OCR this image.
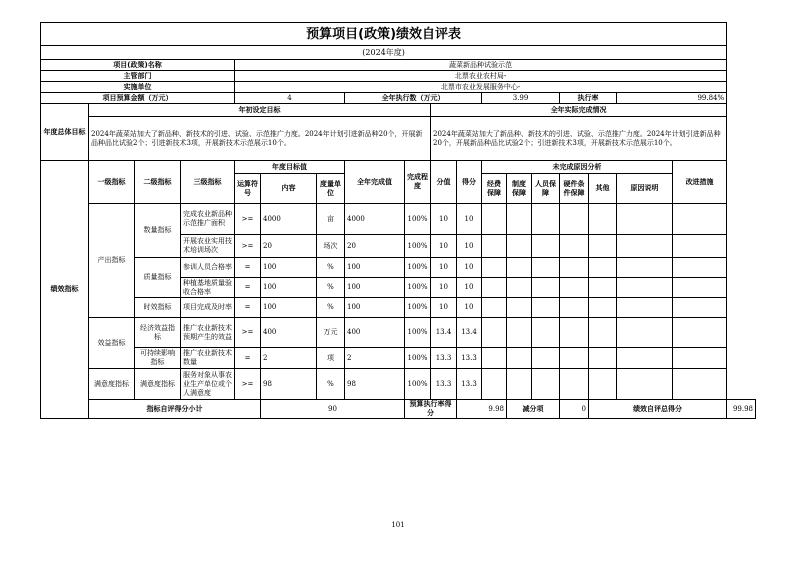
预算项目(政策)绩效自评表																		
(2024年度)																		
项目(政策)名称				蔬菜新品种试验示范														
主管部门				北票农业农村局-														
实施单位				北票市农业发展服务中心-														
项目预算金额（万元）				4			全年执行数（万元）				3.99			执行率		99.84%		
年度总体目标	年初设定目标								全年实际完成情况									
	2024年蔬菜站加大了新品种、新技术的引进、试验、示范推广力度。2024年计划引进新品种20个，开展新品种品比试验2个；引进新技术3项，开展新技术示范展示10个。								2024年蔬菜站加大了新品种、新技术的引进、试验、示范推广力度。2024年计划引进新品种20个，开展新品种品比试验2个；引进新技术3项，开展新技术示范展示10个。									
绩效指标	一级指标	二级指标	三级指标	年度目标值			全年完成值	完成程度	分值	得分	未完成原因分析						改进措施	
				运算符号	内容	度量单位					经费保障	制度保障	人员保障	硬件条件保障	其他	原因说明		
	产出指标	数量指标	完成农业新品种示范推广面积	>=	4000	亩	4000	100%	10	10								
			开展农业实用技术培训场次	>=	20	场次	20	100%	10	10								
		质量指标	参训人员合格率	=	100	%	100	100%	10	10								
			种植基地质量验收合格率	=	100	%	100	100%	10	10								
		时效指标	项目完成及时率	=	100	%	100	100%	10	10								
	效益指标	经济效益指标	推广农业新技术预期产生的效益	>=	400	万元	400	100%	13.4	13.4								
		可持续影响指标	推广农业新技术数量	=	2	项	2	100%	13.3	13.3								
	满意度指标	满意度指标	服务对象从事农业生产单位或个人满意度	>=	98	%	98	100%	13.3	13.3								
	指标自评得分小计				90			预算执行率得分		9.98		减分项		0	绩效自评总得分			99.98
101
